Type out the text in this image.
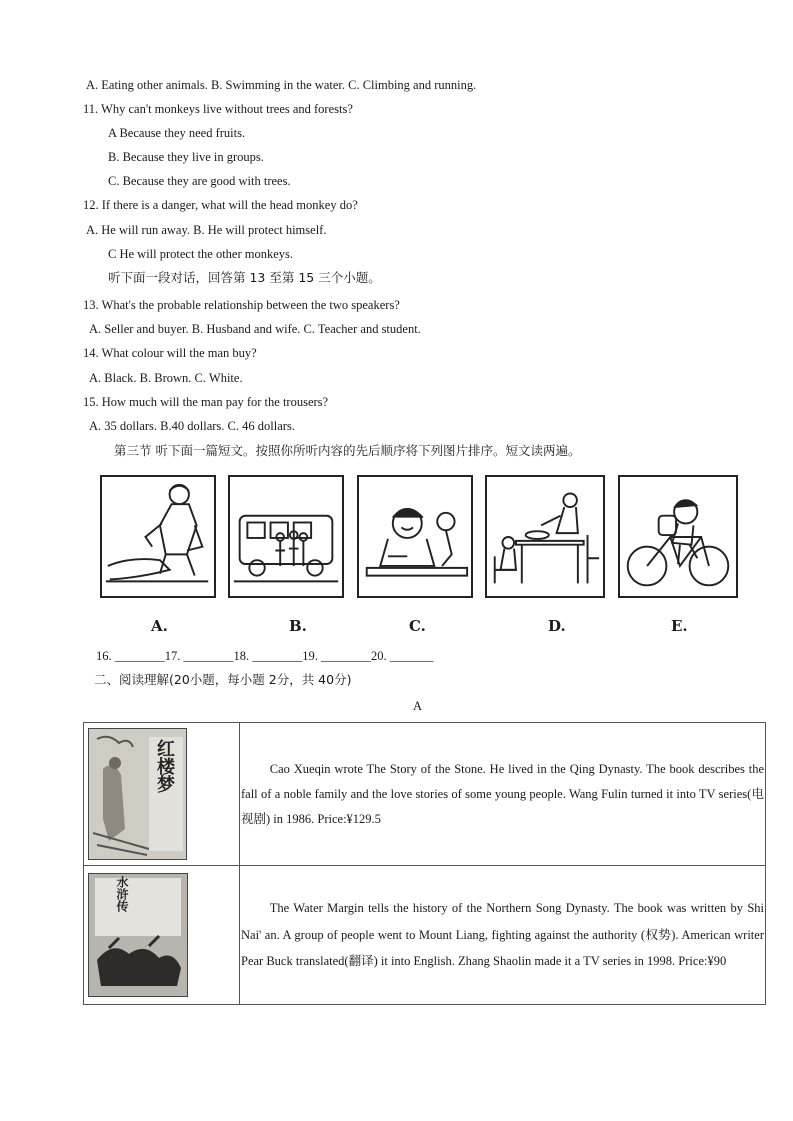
A. Eating other animals. B. Swimming in the water. C. Climbing and running.
11. Why can't monkeys live without trees and forests?
A Because they need fruits.
B. Because they live in groups.
C. Because they are good with trees.
12. If there is a danger, what will the head monkey do?
A. He will run away. B. He will protect himself.
C He will protect the other monkeys.
听下面一段对话，回答第 13 至第 15 三个小题。
13. What's the probable relationship between the two speakers?
A. Seller and buyer. B. Husband and wife. C. Teacher and student.
14. What colour will the man buy?
A. Black. B. Brown. C. White.
15. How much will the man pay for the trousers?
A. 35 dollars. B.40 dollars. C. 46 dollars.
第三节 听下面一篇短文。按照你所听内容的先后顺序将下列图片排序。短文读两遍。
A.	B.	C.	D.	E.
16. ________17. ________18. ________19. ________20. _______
二、阅读理解(20小题，每小题 2分，共 40分)
A
红楼梦	Cao Xueqin wrote The Story of the Stone. He lived in the Qing Dynasty. The book describes the fall of a noble family and the love stories of some young people. Wang Fulin turned it into TV series(电视剧) in 1986. Price:¥129.5

水浒传	The Water Margin tells the history of the Northern Song Dynasty. The book was written by Shi Nai' an. A group of people went to Mount Liang, fighting against the authority (权势). American writer Pear Buck translated(翻译) it into English. Zhang Shaolin made it a TV series in 1998. Price:¥90
